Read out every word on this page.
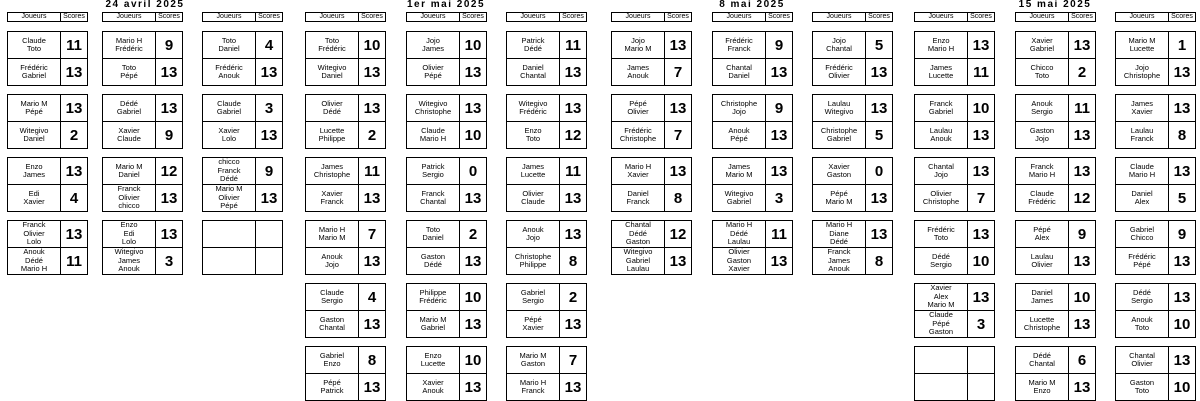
24 avril 2025
Joueurs	Scores
Claude
Toto	11
Frédéric
Gabriel	13
Mario M
Pépé	13
Witegivo
Daniel	2
Enzo
James	13
Edi
Xavier	4
Franck
Olivier
Lolo	13
Anouk
Dédé
Mario H	11
Joueurs	Scores
Mario H
Frédéric	9
Toto
Pépé	13
Dédé
Gabriel	13
Xavier
Claude	9
Mario M
Daniel	12
Franck
Olivier
chicco	13
Enzo
Edi
Lolo	13
Witegivo
James
Anouk	3
Joueurs	Scores
Toto
Daniel	4
Frédéric
Anouk	13
Claude
Gabriel	3
Xavier
Lolo	13
chicco
Franck
Dédé	9
Mario M
Olivier
Pépé	13
1er mai 2025
Joueurs	Scores
Toto
Frédéric	10
Witegivo
Daniel	13
Olivier
Dédé	13
Lucette
Philippe	2
James
Christophe 11
Xavier
Franck	13
Mario H
Mario M	7
Anouk
Jojo	13
Claude
Sergio	4
Gaston
Chantal	13
Gabriel
Enzo	8
Pépé
Patrick	13
Joueurs	Scores
Jojo
James	10
Olivier
Pépé	13
Witegivo
Christophe 13
Claude
Mario H	10
Patrick
Sergio	0
Franck
Chantal	13
Toto
Daniel	2
Gaston
Dédé	13
Philippe
Frédéric	10
Mario M
Gabriel	13
Enzo
Lucette	10
Xavier
Anouk	13
Joueurs	Scores
Patrick
Dédé	11
Daniel
Chantal	13
Witegivo
Frédéric	13
Enzo
Toto	12
James
Lucette	11
Olivier
Claude	13
Anouk
Jojo	13
Christophe
Philippe	8
Gabriel
Sergio	2
Pépé
Xavier	13
Mario M
Gaston	7
Mario H
Franck	13
8 mai 2025
Joueurs	Scores
Jojo
Mario M	13
James
Anouk	7
Pépé
Olivier	13
Frédéric
Christophe	7
Mario H
Xavier	13
Daniel
Franck	8
Chantal
Dédé
Gaston	12
Witegivo
Gabriel
Laulau	13
Joueurs	Scores
Frédéric
Franck	9
Chantal
Daniel	13
Christophe
Jojo	9
Anouk
Pépé	13
James
Mario M	13
Witegivo
Gabriel	3
Mario H
Dédé
Laulau	11
Olivier
Gaston
Xavier	13
Joueurs	Scores
Jojo
Chantal	5
Frédéric
Olivier	13
Laulau
Witegivo	13
Christophe
Gabriel	5
Xavier
Gaston	0
Pépé
Mario M	13
Mario H
Diane
Dédé	13
Franck
James
Anouk	8
15 mai 2025
Joueurs	Scores
Enzo
Mario H	13
James
Lucette	11
Franck
Gabriel	10
Laulau
Anouk	13
Chantal
Jojo	13
Olivier
Christophe	7
Frédéric
Toto	13
Dédé
Sergio	10
Xavier
Alex
Mario M	13
Claude
Pépé
Gaston	3
Joueurs	Scores
Xavier
Gabriel	13
Chicco
Toto	2
Anouk
Sergio	11
Gaston
Jojo	13
Franck
Mario H	13
Claude
Frédéric	12
Pépé
Alex	9
Laulau
Olivier	13
Daniel
James	10
Lucette
Christophe 13
Dédé
Chantal	6
Mario M
Enzo	13
Joueurs	Scores
Mario M
Lucette	1
Jojo
Christophe 13
James
Xavier	13
Laulau
Franck	8
Claude
Mario H	13
Daniel
Alex	5
Gabriel
Chicco	9
Frédéric
Pépé	13
Dédé
Sergio	13
Anouk
Toto	10
Chantal
Olivier	13
Gaston
Toto	10
